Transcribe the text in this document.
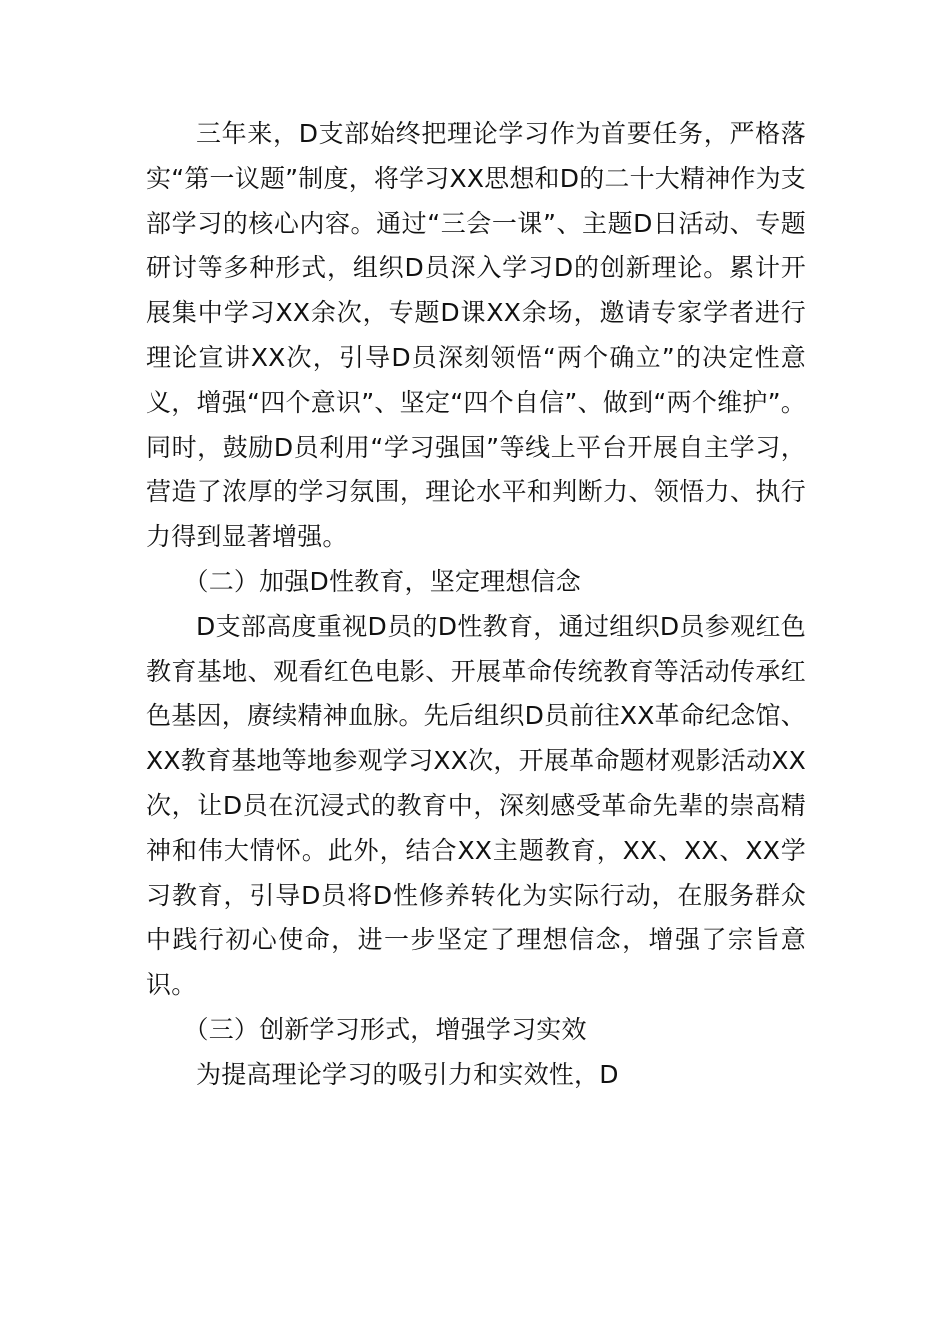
三年来，D支部始终把理论学习作为首要任务，严格落实“第一议题”制度，将学习XX思想和D的二十大精神作为支部学习的核心内容。通过“三会一课”、主题D日活动、专题研讨等多种形式，组织D员深入学习D的创新理论。累计开展集中学习XX余次，专题D课XX余场，邀请专家学者进行理论宣讲XX次，引导D员深刻领悟“两个确立”的决定性意义，增强“四个意识”、坚定“四个自信”、做到“两个维护”。同时，鼓励D员利用“学习强国”等线上平台开展自主学习，营造了浓厚的学习氛围，理论水平和判断力、领悟力、执行力得到显著增强。

（二）加强D性教育，坚定理想信念

D支部高度重视D员的D性教育，通过组织D员参观红色教育基地、观看红色电影、开展革命传统教育等活动传承红色基因，赓续精神血脉。先后组织D员前往XX革命纪念馆、XX教育基地等地参观学习XX次，开展革命题材观影活动XX次，让D员在沉浸式的教育中，深刻感受革命先辈的崇高精神和伟大情怀。此外，结合XX主题教育，XX、XX、XX学习教育，引导D员将D性修养转化为实际行动，在服务群众中践行初心使命，进一步坚定了理想信念，增强了宗旨意识。

（三）创新学习形式，增强学习实效

为提高理论学习的吸引力和实效性，D
